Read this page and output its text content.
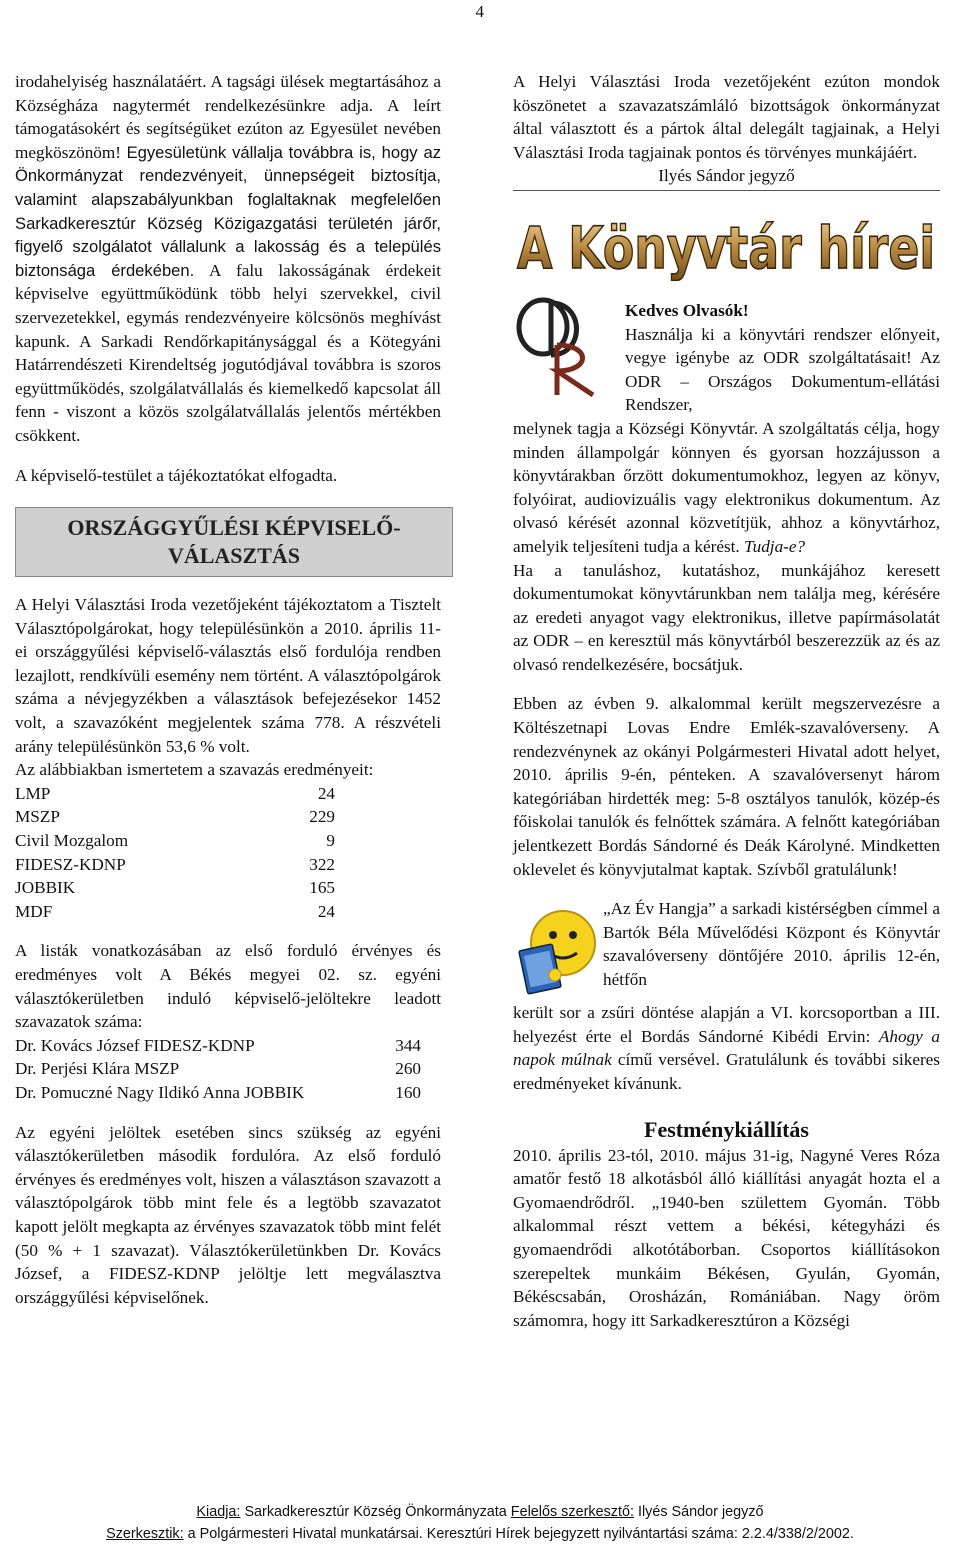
4

irodahelyiség használatáért. A tagsági ülések megtartásához a Községháza nagytermét rendelkezésünkre adja. A leírt támogatásokért és segítségüket ezúton az Egyesület nevében megköszönöm! Egyesületünk vállalja továbbra is, hogy az Önkormányzat rendezvényeit, ünnepségeit biztosítja, valamint alapszabályunkban foglaltaknak megfelelően Sarkadkeresztúr Község Közigazgatási területén járőr, figyelő szolgálatot vállalunk a lakosság és a település biztonsága érdekében. A falu lakosságának érdekeit képviselve együttműködünk több helyi szervekkel, civil szervezetekkel, egymás rendezvényeire kölcsönös meghívást kapunk. A Sarkadi Rendőrkapitánysággal és a Kötegyáni Határrendészeti Kirendeltség jogutódjával továbbra is szoros együttműködés, szolgálatvállalás és kiemelkedő kapcsolat áll fenn - viszont a közös szolgálatvállalás jelentős mértékben csökkent.

A képviselő-testület a tájékoztatókat elfogadta.

ORSZÁGGYŰLÉSI KÉPVISELŐ-VÁLASZTÁS

A Helyi Választási Iroda vezetőjeként tájékoztatom a Tisztelt Választópolgárokat, hogy településünkön a 2010. április 11-ei országgyűlési képviselő-választás első fordulója rendben lezajlott, rendkívüli esemény nem történt. A választópolgárok száma a névjegyzékben a választások befejezésekor 1452 volt, a szavazóként megjelentek száma 778. A részvételi arány településünkön 53,6 % volt.

Az alábbiakban ismertetem a szavazás eredményeit:

LMP	24
MSZP	229
Civil Mozgalom	9
FIDESZ-KDNP	322
JOBBIK	165
MDF	24

A listák vonatkozásában az első forduló érvényes és eredményes volt A Békés megyei 02. sz. egyéni választókerületben induló képviselő-jelöltekre leadott szavazatok száma:

Dr. Kovács József FIDESZ-KDNP	344
Dr. Perjési Klára MSZP	260
Dr. Pomuczné Nagy Ildikó Anna JOBBIK	160

Az egyéni jelöltek esetében sincs szükség az egyéni választókerületben második fordulóra. Az első forduló érvényes és eredményes volt, hiszen a választáson szavazott a választópolgárok több mint fele és a legtöbb szavazatot kapott jelölt megkapta az érvényes szavazatok több mint felét (50 % + 1 szavazat). Választókerületünkben Dr. Kovács József, a FIDESZ-KDNP jelöltje lett megválasztva országgyűlési képviselőnek.

A Helyi Választási Iroda vezetőjeként ezúton mondok köszönetet a szavazatszámláló bizottságok önkormányzat által választott és a pártok által delegált tagjainak, a Helyi Választási Iroda tagjainak pontos és törvényes munkájáért.

Ilyés Sándor jegyző
A Könyvtár hírei
ODR

Kedves Olvasók!

Használja ki a könyvtári rendszer előnyeit, vegye igénybe az ODR szolgáltatásait! Az ODR – Országos Dokumentum-ellátási Rendszer,

melynek tagja a Községi Könyvtár. A szolgáltatás célja, hogy minden állampolgár könnyen és gyorsan hozzájusson a könyvtárakban őrzött dokumentumokhoz, legyen az könyv, folyóirat, audiovizuális vagy elektronikus dokumentum. Az olvasó kérését azonnal közvetítjük, ahhoz a könyvtárhoz, amelyik teljesíteni tudja a kérést. Tudja-e?

Ha a tanuláshoz, kutatáshoz, munkájához keresett dokumentumokat könyvtárunkban nem találja meg, kérésére az eredeti anyagot vagy elektronikus, illetve papírmásolatát az ODR – en keresztül más könyvtárból beszerezzük az és az olvasó rendelkezésére, bocsátjuk.

Ebben az évben 9. alkalommal került megszervezésre a Költészetnapi Lovas Endre Emlék-szavalóverseny. A rendezvénynek az okányi Polgármesteri Hivatal adott helyet, 2010. április 9-én, pénteken. A szavalóversenyt három kategóriában hirdették meg: 5-8 osztályos tanulók, közép-és főiskolai tanulók és felnőttek számára. A felnőtt kategóriában jelentkezett Bordás Sándorné és Deák Károlyné. Mindketten oklevelet és könyvjutalmat kaptak. Szívből gratulálunk!

„Az Év Hangja” a sarkadi kistérségben címmel a Bartók Béla Művelődési Központ és Könyvtár szavalóverseny döntőjére 2010. április 12-én, hétfőn

került sor a zsűri döntése alapján a VI. korcsoportban a III. helyezést érte el Bordás Sándorné Kibédi Ervin: Ahogy a napok múlnak című versével. Gratulálunk és további sikeres eredményeket kívánunk.

Festménykiállítás

2010. április 23-tól, 2010. május 31-ig, Nagyné Veres Róza amatőr festő 18 alkotásból álló kiállítási anyagát hozta el a Gyomaendrődről. „1940-ben születtem Gyomán. Több alkalommal részt vettem a békési, kétegyházi és gyomaendrődi alkotótáborban. Csoportos kiállításokon szerepeltek munkáim Békésen, Gyulán, Gyomán, Békéscsabán, Orosházán, Romániában. Nagy öröm számomra, hogy itt Sarkadkeresztúron a Községi

Kiadja: Sarkadkeresztúr Község Önkormányzata Felelős szerkesztő: Ilyés Sándor jegyző
Szerkesztik: a Polgármesteri Hivatal munkatársai. Keresztúri Hírek bejegyzett nyilvántartási száma: 2.2.4/338/2/2002.
